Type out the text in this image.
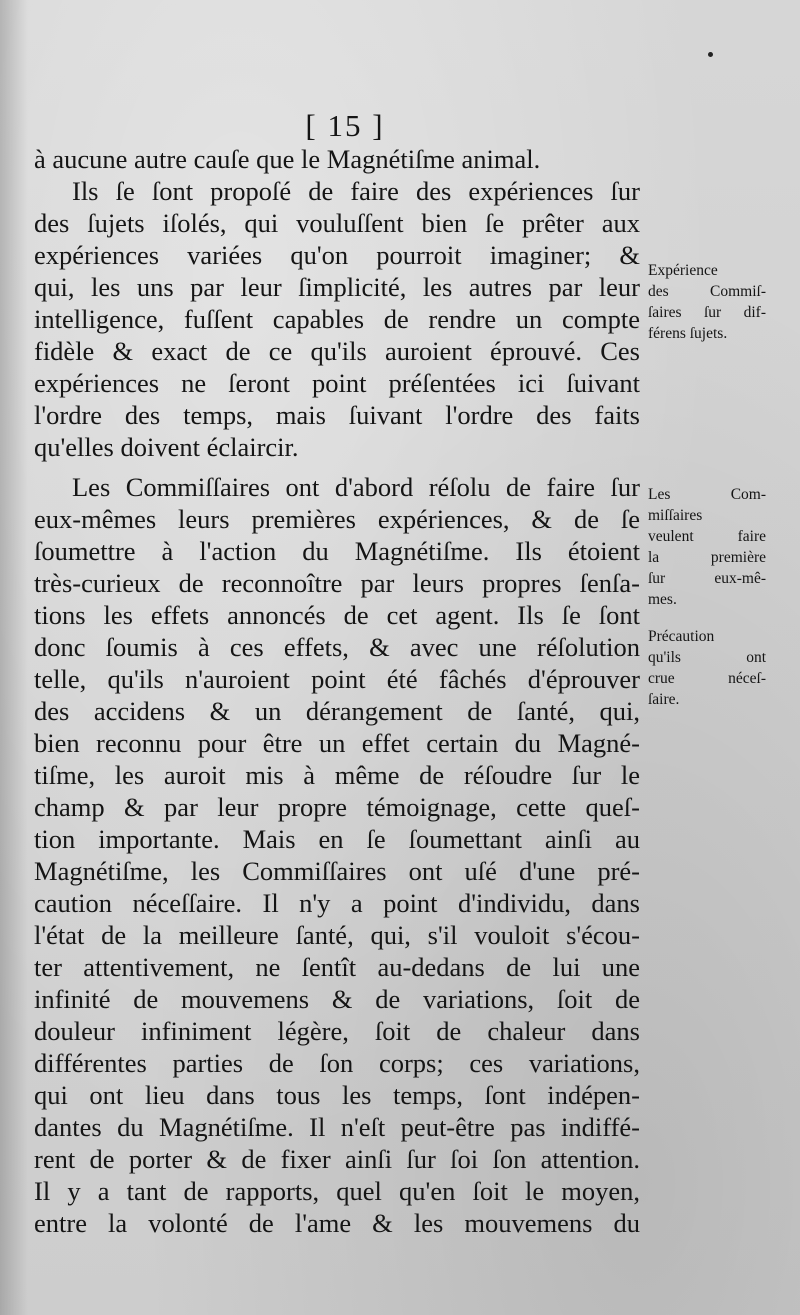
[ 15 ]
à aucune autre cauſe que le Magnétiſme animal.
Ils ſe ſont propoſé de faire des expériences ſur
des ſujets iſolés, qui vouluſſent bien ſe prêter aux
expériences variées qu'on pourroit imaginer; &
qui, les uns par leur ſimplicité, les autres par leur
intelligence, fuſſent capables de rendre un compte
fidèle & exact de ce qu'ils auroient éprouvé. Ces
expériences ne ſeront point préſentées ici ſuivant
l'ordre des temps, mais ſuivant l'ordre des faits
qu'elles doivent éclaircir.
Les Commiſſaires ont d'abord réſolu de faire ſur
eux-mêmes leurs premières expériences, & de ſe
ſoumettre à l'action du Magnétiſme. Ils étoient
très-curieux de reconnoître par leurs propres ſenſa-
tions les effets annoncés de cet agent. Ils ſe ſont
donc ſoumis à ces effets, & avec une réſolution
telle, qu'ils n'auroient point été fâchés d'éprouver
des accidens & un dérangement de ſanté, qui,
bien reconnu pour être un effet certain du Magné-
tiſme, les auroit mis à même de réſoudre ſur le
champ & par leur propre témoignage, cette queſ-
tion importante. Mais en ſe ſoumettant ainſi au
Magnétiſme, les Commiſſaires ont uſé d'une pré-
caution néceſſaire. Il n'y a point d'individu, dans
l'état de la meilleure ſanté, qui, s'il vouloit s'écou-
ter attentivement, ne ſentît au-dedans de lui une
infinité de mouvemens & de variations, ſoit de
douleur infiniment légère, ſoit de chaleur dans
différentes parties de ſon corps; ces variations,
qui ont lieu dans tous les temps, ſont indépen-
dantes du Magnétiſme. Il n'eſt peut-être pas indiffé-
rent de porter & de fixer ainſi ſur ſoi ſon attention.
Il y a tant de rapports, quel qu'en ſoit le moyen,
entre la volonté de l'ame & les mouvemens du
Expérience
des Commiſ-
ſaires ſur dif-
férens ſujets.
Les Com-
miſſaires
veulent faire
la première
ſur eux-mê-
mes.
Précaution
qu'ils ont
crue néceſ-
ſaire.
